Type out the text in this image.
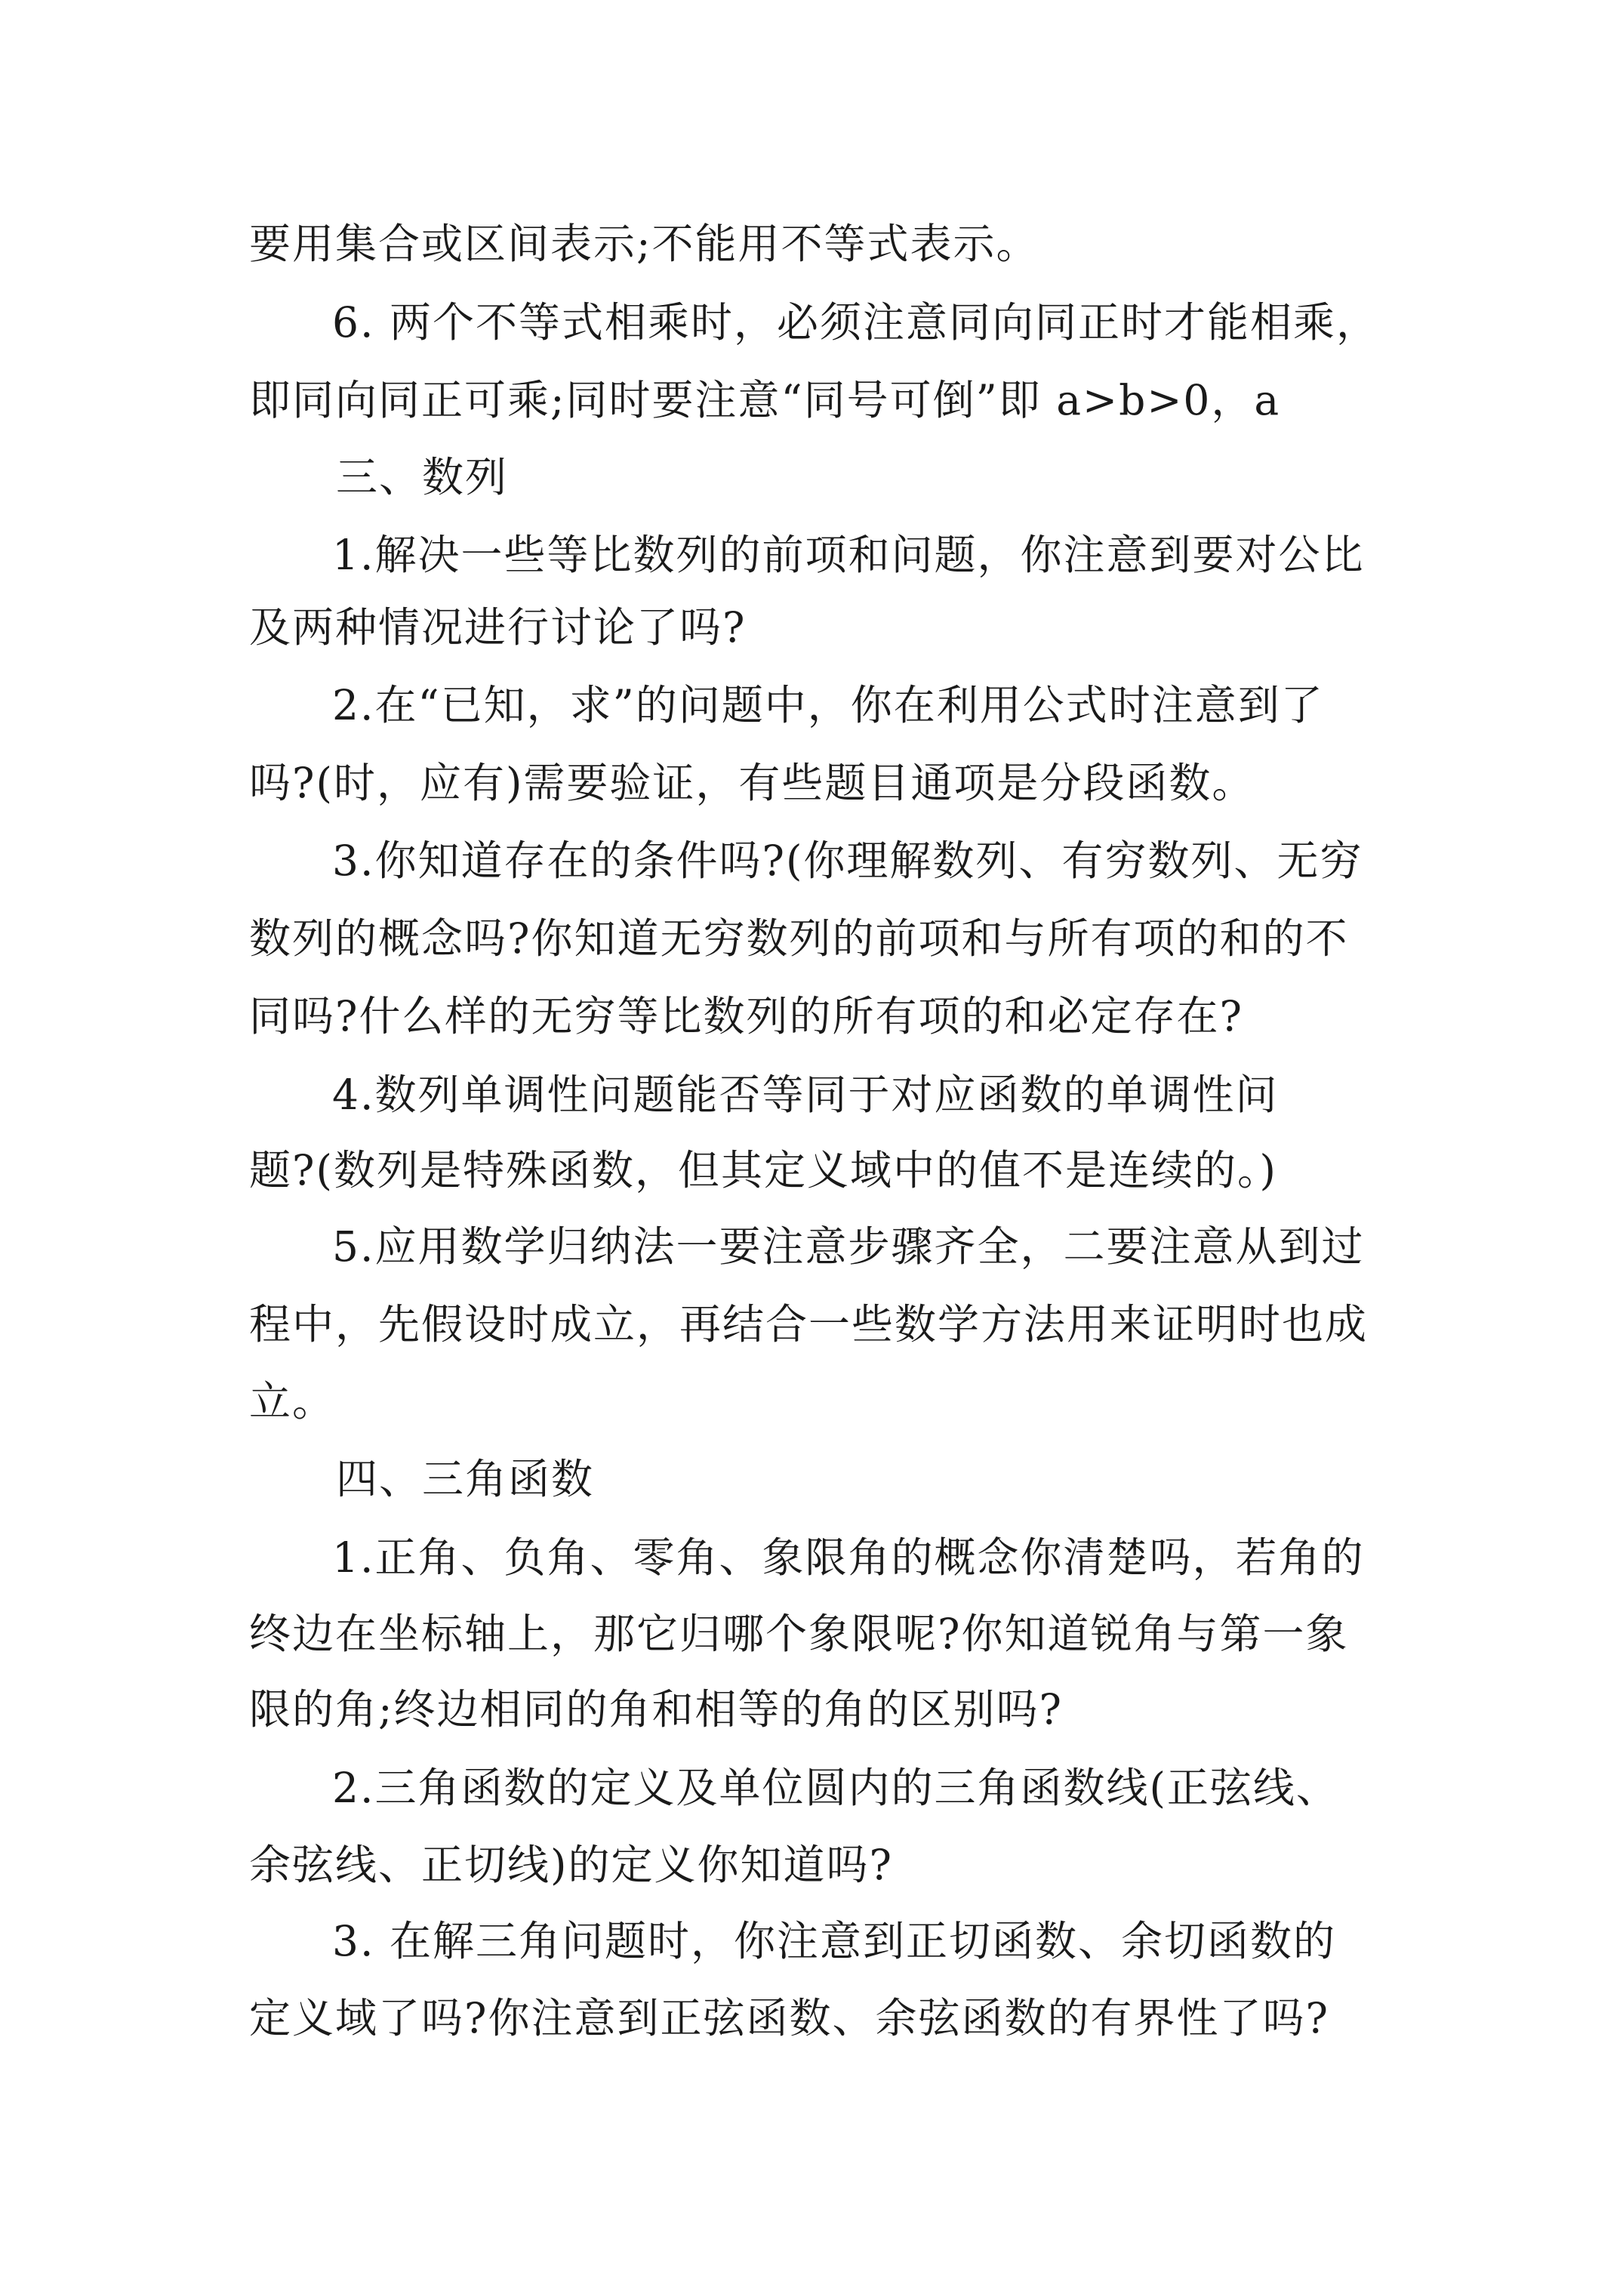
要用集合或区间表示;不能用不等式表示。
6. 两个不等式相乘时，必须注意同向同正时才能相乘，
即同向同正可乘;同时要注意“同号可倒”即 a>b>0，a
三、数列
1.解决一些等比数列的前项和问题，你注意到要对公比
及两种情况进行讨论了吗?
2.在“已知，求”的问题中，你在利用公式时注意到了
吗?(时，应有)需要验证，有些题目通项是分段函数。
3.你知道存在的条件吗?(你理解数列、有穷数列、无穷
数列的概念吗?你知道无穷数列的前项和与所有项的和的不
同吗?什么样的无穷等比数列的所有项的和必定存在?
4.数列单调性问题能否等同于对应函数的单调性问
题?(数列是特殊函数，但其定义域中的值不是连续的。)
5.应用数学归纳法一要注意步骤齐全，二要注意从到过
程中，先假设时成立，再结合一些数学方法用来证明时也成
立。
四、三角函数
1.正角、负角、零角、象限角的概念你清楚吗，若角的
终边在坐标轴上，那它归哪个象限呢?你知道锐角与第一象
限的角;终边相同的角和相等的角的区别吗?
2.三角函数的定义及单位圆内的三角函数线(正弦线、
余弦线、正切线)的定义你知道吗?
3. 在解三角问题时，你注意到正切函数、余切函数的
定义域了吗?你注意到正弦函数、余弦函数的有界性了吗?
